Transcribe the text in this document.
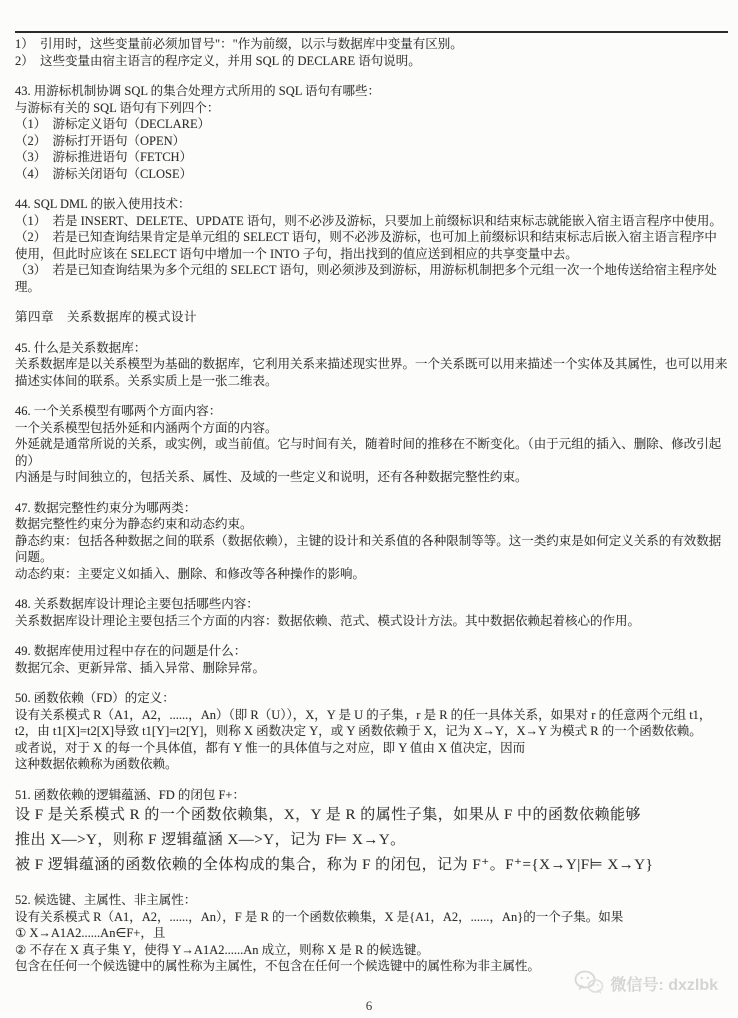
1）　引用时，这些变量前必须加冒号"："作为前缀，以示与数据库中变量有区别。

2）　这些变量由宿主语言的程序定义，并用 SQL 的 DECLARE 语句说明。

43. 用游标机制协调 SQL 的集合处理方式所用的 SQL 语句有哪些：

与游标有关的 SQL 语句有下列四个：

（1）　游标定义语句（DECLARE）

（2）　游标打开语句（OPEN）

（3）　游标推进语句（FETCH）

（4）　游标关闭语句（CLOSE）

44. SQL DML 的嵌入使用技术：

（1）　若是 INSERT、DELETE、UPDATE 语句，则不必涉及游标，只要加上前缀标识和结束标志就能嵌入宿主语言程序中使用。

（2）　若是已知查询结果肯定是单元组的 SELECT 语句，则不必涉及游标，也可加上前缀标识和结束标志后嵌入宿主语言程序中使用，但此时应该在 SELECT 语句中增加一个 INTO 子句，指出找到的值应送到相应的共享变量中去。

（3）　若是已知查询结果为多个元组的 SELECT 语句，则必须涉及到游标，用游标机制把多个元组一次一个地传送给宿主程序处理。

第四章　关系数据库的模式设计

45. 什么是关系数据库：

关系数据库是以关系模型为基础的数据库，它利用关系来描述现实世界。一个关系既可以用来描述一个实体及其属性，也可以用来描述实体间的联系。关系实质上是一张二维表。

46. 一个关系模型有哪两个方面内容：

一个关系模型包括外延和内涵两个方面的内容。

外延就是通常所说的关系，或实例，或当前值。它与时间有关，随着时间的推移在不断变化。（由于元组的插入、删除、修改引起的）

内涵是与时间独立的，包括关系、属性、及域的一些定义和说明，还有各种数据完整性约束。

47. 数据完整性约束分为哪两类：

数据完整性约束分为静态约束和动态约束。

静态约束：包括各种数据之间的联系（数据依赖），主键的设计和关系值的各种限制等等。这一类约束是如何定义关系的有效数据问题。

动态约束：主要定义如插入、删除、和修改等各种操作的影响。

48. 关系数据库设计理论主要包括哪些内容：

关系数据库设计理论主要包括三个方面的内容：数据依赖、范式、模式设计方法。其中数据依赖起着核心的作用。

49. 数据库使用过程中存在的问题是什么：

数据冗余、更新异常、插入异常、删除异常。

50. 函数依赖（FD）的定义：

设有关系模式 R（A1，A2，......，An）（即 R（U）），X，Y 是 U 的子集，r 是 R 的任一具体关系，如果对 r 的任意两个元组 t1，t2，由 t1[X]=t2[X]导致 t1[Y]=t2[Y]，则称 X 函数决定 Y，或 Y 函数依赖于 X，记为 X→Y，X→Y 为模式 R 的一个函数依赖。

或者说，对于 X 的每一个具体值，都有 Y 惟一的具体值与之对应，即 Y 值由 X 值决定，因而

这种数据依赖称为函数依赖。

51. 函数依赖的逻辑蕴涵、FD 的闭包 F+：

设 F 是关系模式 R 的一个函数依赖集，X，Y 是 R 的属性子集，如果从 F 中的函数依赖能够

推出 X—>Y，则称 F 逻辑蕴涵 X—>Y，记为 F⊨ X→Y。

被 F 逻辑蕴涵的函数依赖的全体构成的集合，称为 F 的闭包，记为 F⁺。F⁺={X→Y|F⊨ X→Y}

52. 候选键、主属性、非主属性：

设有关系模式 R（A1，A2，......，An），F 是 R 的一个函数依赖集，X 是{A1，A2，......，An}的一个子集。如果

① X→A1A2......An∈F+，且

② 不存在 X 真子集 Y，使得 Y→A1A2......An 成立，则称 X 是 R 的候选键。

包含在任何一个候选键中的属性称为主属性，不包含在任何一个候选键中的属性称为非主属性。

6
微信号: dxzlbk
